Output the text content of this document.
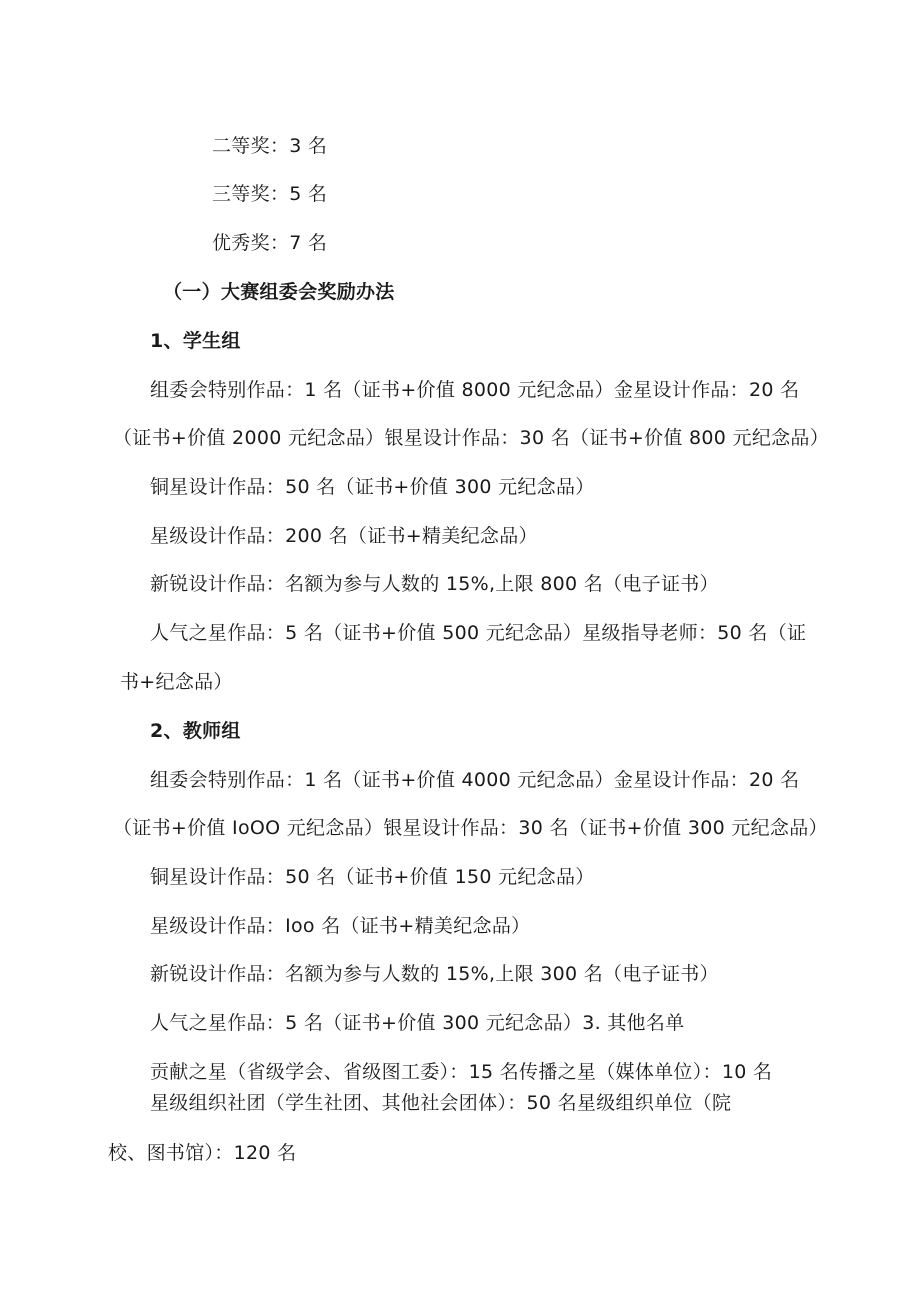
二等奖：3 名
三等奖：5 名
优秀奖：7 名
（一）大赛组委会奖励办法
1、学生组
组委会特别作品：1 名（证书+价值 8000 元纪念品）金星设计作品：20 名
（证书+价值 2000 元纪念品）银星设计作品：30 名（证书+价值 800 元纪念品）
铜星设计作品：50 名（证书+价值 300 元纪念品）
星级设计作品：200 名（证书+精美纪念品）
新锐设计作品：名额为参与人数的 15%,上限 800 名（电子证书）
人气之星作品：5 名（证书+价值 500 元纪念品）星级指导老师：50 名（证
书+纪念品）
2、教师组
组委会特别作品：1 名（证书+价值 4000 元纪念品）金星设计作品：20 名
（证书+价值 IoOO 元纪念品）银星设计作品：30 名（证书+价值 300 元纪念品）
铜星设计作品：50 名（证书+价值 150 元纪念品）
星级设计作品：Ioo 名（证书+精美纪念品）
新锐设计作品：名额为参与人数的 15%,上限 300 名（电子证书）
人气之星作品：5 名（证书+价值 300 元纪念品）3. 其他名单
贡献之星（省级学会、省级图工委）：15 名传播之星（媒体单位）：10 名
星级组织社团（学生社团、其他社会团体）：50 名星级组织单位（院
校、图书馆）：120 名
